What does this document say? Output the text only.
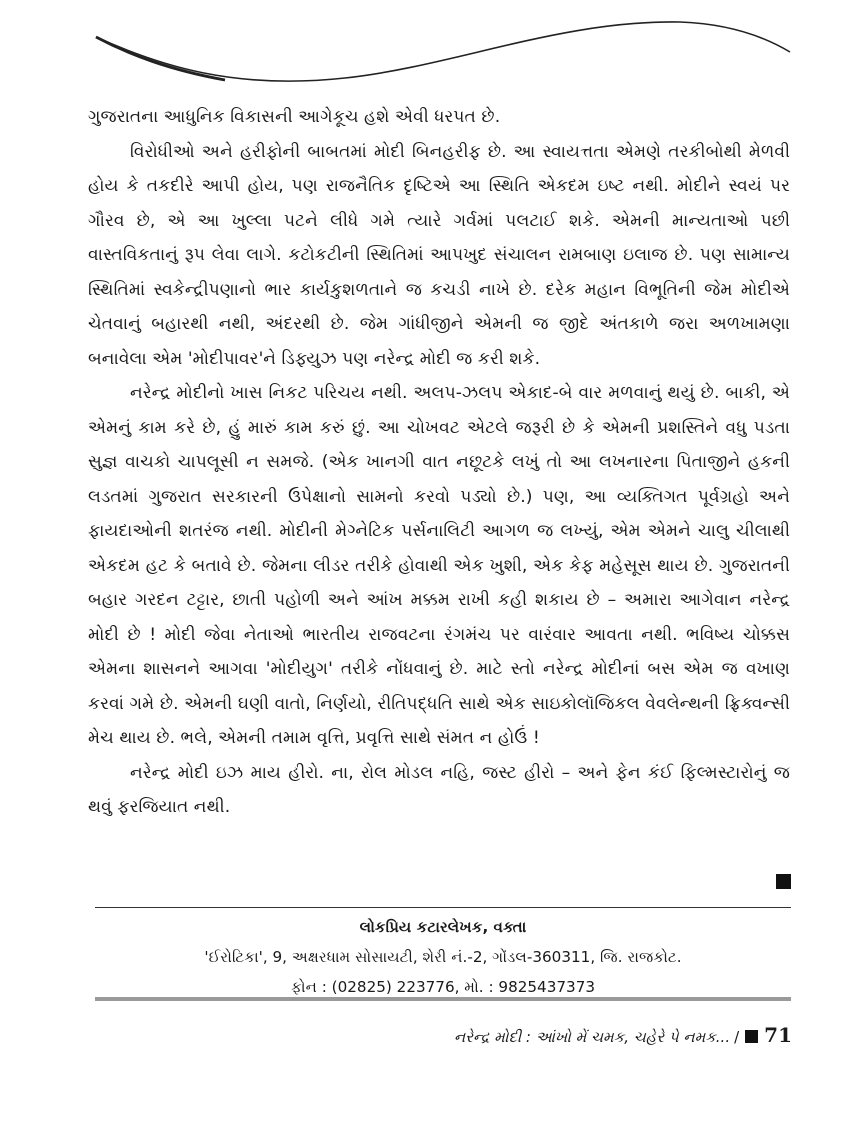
ગુજરાતના આધુનિક વિકાસની આગેકૂચ હશે એવી ધરપત છે.

વિરોધીઓ અને હરીફોની બાબતમાં મોદી બિનહરીફ છે. આ સ્વાયત્તતા એમણે તરકીબોથી મેળવી હોય કે તકદીરે આપી હોય, પણ રાજનૈતિક દૃષ્ટિએ આ સ્થિતિ એકદમ ઇષ્ટ નથી. મોદીને સ્વયં પર ગૌરવ છે, એ આ ખુલ્લા પટને લીધે ગમે ત્યારે ગર્વમાં પલટાઈ શકે. એમની માન્યતાઓ પછી વાસ્તવિકતાનું રૂપ લેવા લાગે. કટોકટીની સ્થિતિમાં આપખુદ સંચાલન રામબાણ ઇલાજ છે. પણ સામાન્ય સ્થિતિમાં સ્વકેન્દ્રીપણાનો ભાર કાર્યકુશળતાને જ કચડી નાખે છે. દરેક મહાન વિભૂતિની જેમ મોદીએ ચેતવાનું બહારથી નથી, અંદરથી છે. જેમ ગાંધીજીને એમની જ જીદે અંતકાળે જરા અળખામણા બનાવેલા એમ 'મોદીપાવર'ને ડિફ્યુઝ પણ નરેન્દ્ર મોદી જ કરી શકે.

નરેન્દ્ર મોદીનો ખાસ નિકટ પરિચય નથી. અલપ-ઝલપ એકાદ-બે વાર મળવાનું થયું છે. બાકી, એ એમનું કામ કરે છે, હું મારું કામ કરું છું. આ ચોખવટ એટલે જરૂરી છે કે એમની પ્રશસ્તિને વધુ પડતા સુજ્ઞ વાચકો ચાપલૂસી ન સમજે. (એક ખાનગી વાત નછૂટકે લખું તો આ લખનારના પિતાજીને હકની લડતમાં ગુજરાત સરકારની ઉપેક્ષાનો સામનો કરવો પડ્યો છે.) પણ, આ વ્યક્તિગત પૂર્વગ્રહો અને ફાયદાઓની શતરંજ નથી. મોદીની મેગ્નેટિક પર્સનાલિટી આગળ જ લખ્યું, એમ એમને ચાલુ ચીલાથી એકદમ હટ કે બતાવે છે. જેમના લીડર તરીકે હોવાથી એક ખુશી, એક કેફ મહેસૂસ થાય છે. ગુજરાતની બહાર ગરદન ટટ્ટાર, છાતી પહોળી અને આંખ મક્કમ રાખી કહી શકાય છે – અમારા આગેવાન નરેન્દ્ર મોદી છે ! મોદી જેવા નેતાઓ ભારતીય રાજવટના રંગમંચ પર વારંવાર આવતા નથી. ભવિષ્ય ચોક્કસ એમના શાસનને આગવા 'મોદીયુગ' તરીકે નોંધવાનું છે. માટે સ્તો નરેન્દ્ર મોદીનાં બસ એમ જ વખાણ કરવાં ગમે છે. એમની ઘણી વાતો, નિર્ણયો, રીતિપદ્ધતિ સાથે એક સાઇકોલૉજિકલ વેવલેન્થની ફ્રિક્વન્સી મેચ થાય છે. ભલે, એમની તમામ વૃત્તિ, પ્રવૃત્તિ સાથે સંમત ન હોઉં !

નરેન્દ્ર મોદી ઇઝ માય હીરો. ના, રોલ મોડલ નહિ, જસ્ટ હીરો – અને ફેન કંઈ ફિલ્મસ્ટારોનું જ થવું ફરજિયાત નથી.

લોકપ્રિય કટારલેખક, વક્તા
'ઈરોટિકા', 9, અક્ષરધામ સોસાયટી, શેરી નં.-2, ગોંડલ-360311, જિ. રાજકોટ.
ફોન : (02825) 223776, મો. : 9825437373
નરેન્દ્ર મોદી : આંખો મેં ચમક, ચહેરે પે નમક... / 71
